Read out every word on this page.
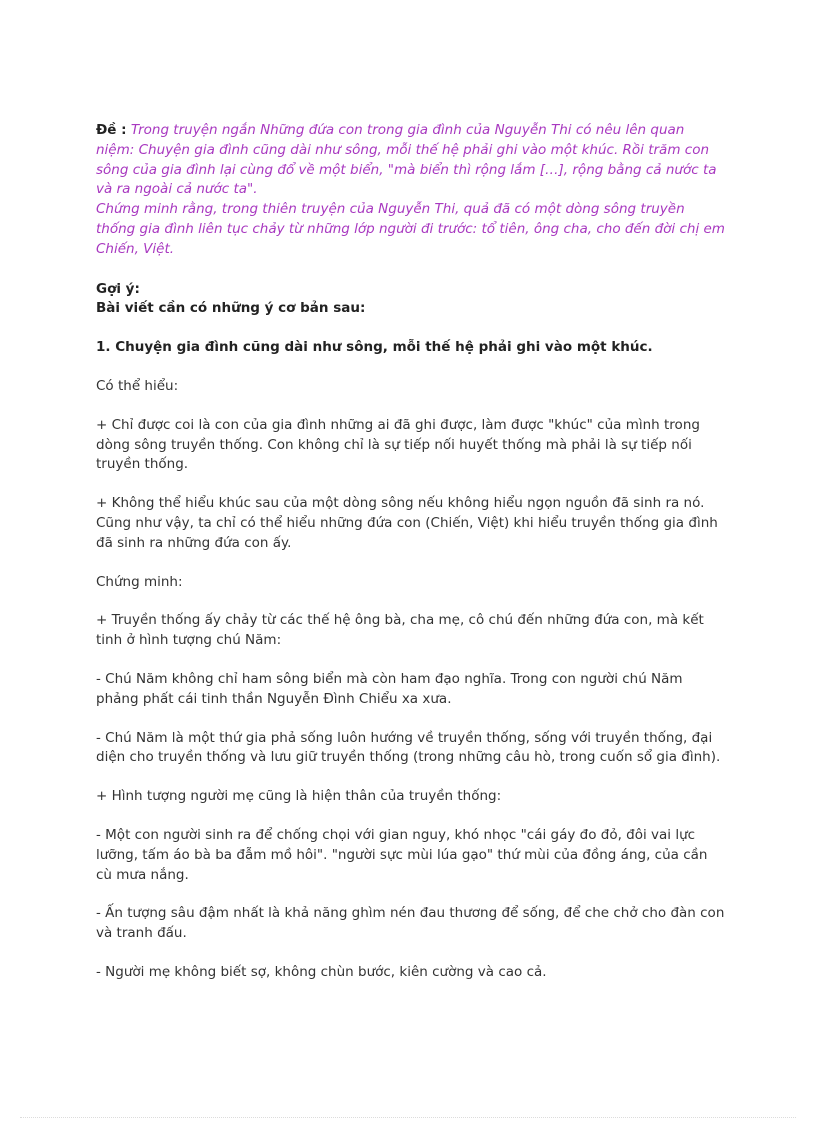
Đề : Trong truyện ngắn Những đứa con trong gia đình của Nguyễn Thi có nêu lên quan niệm: Chuyện gia đình cũng dài như sông, mỗi thế hệ phải ghi vào một khúc. Rồi trăm con sông của gia đình lại cùng đổ về một biển, "mà biển thì rộng lắm […], rộng bằng cả nước ta và ra ngoài cả nước ta".

Chứng minh rằng, trong thiên truyện của Nguyễn Thi, quả đã có một dòng sông truyền thống gia đình liên tục chảy từ những lớp người đi trước: tổ tiên, ông cha, cho đến đời chị em Chiến, Việt.

Gợi ý:

Bài viết cần có những ý cơ bản sau:

1. Chuyện gia đình cũng dài như sông, mỗi thế hệ phải ghi vào một khúc.

Có thể hiểu:

+ Chỉ được coi là con của gia đình những ai đã ghi được, làm được "khúc" của mình trong dòng sông truyền thống. Con không chỉ là sự tiếp nối huyết thống mà phải là sự tiếp nối truyền thống.

+ Không thể hiểu khúc sau của một dòng sông nếu không hiểu ngọn nguồn đã sinh ra nó. Cũng như vậy, ta chỉ có thể hiểu những đứa con (Chiến, Việt) khi hiểu truyền thống gia đình đã sinh ra những đứa con ấy.

Chứng minh:

+ Truyền thống ấy chảy từ các thế hệ ông bà, cha mẹ, cô chú đến những đứa con, mà kết tinh ở hình tượng chú Năm:

- Chú Năm không chỉ ham sông biển mà còn ham đạo nghĩa. Trong con người chú Năm phảng phất cái tinh thần Nguyễn Đình Chiểu xa xưa.

- Chú Năm là một thứ gia phả sống luôn hướng về truyền thống, sống với truyền thống, đại diện cho truyền thống và lưu giữ truyền thống (trong những câu hò, trong cuốn sổ gia đình).

+ Hình tượng người mẹ cũng là hiện thân của truyền thống:

- Một con người sinh ra để chống chọi với gian nguy, khó nhọc "cái gáy đo đỏ, đôi vai lực lưỡng, tấm áo bà ba đẫm mồ hôi". "người sực mùi lúa gạo" thứ mùi của đồng áng, của cần cù mưa nắng.

- Ấn tượng sâu đậm nhất là khả năng ghìm nén đau thương để sống, để che chở cho đàn con và tranh đấu.

- Người mẹ không biết sợ, không chùn bước, kiên cường và cao cả.
